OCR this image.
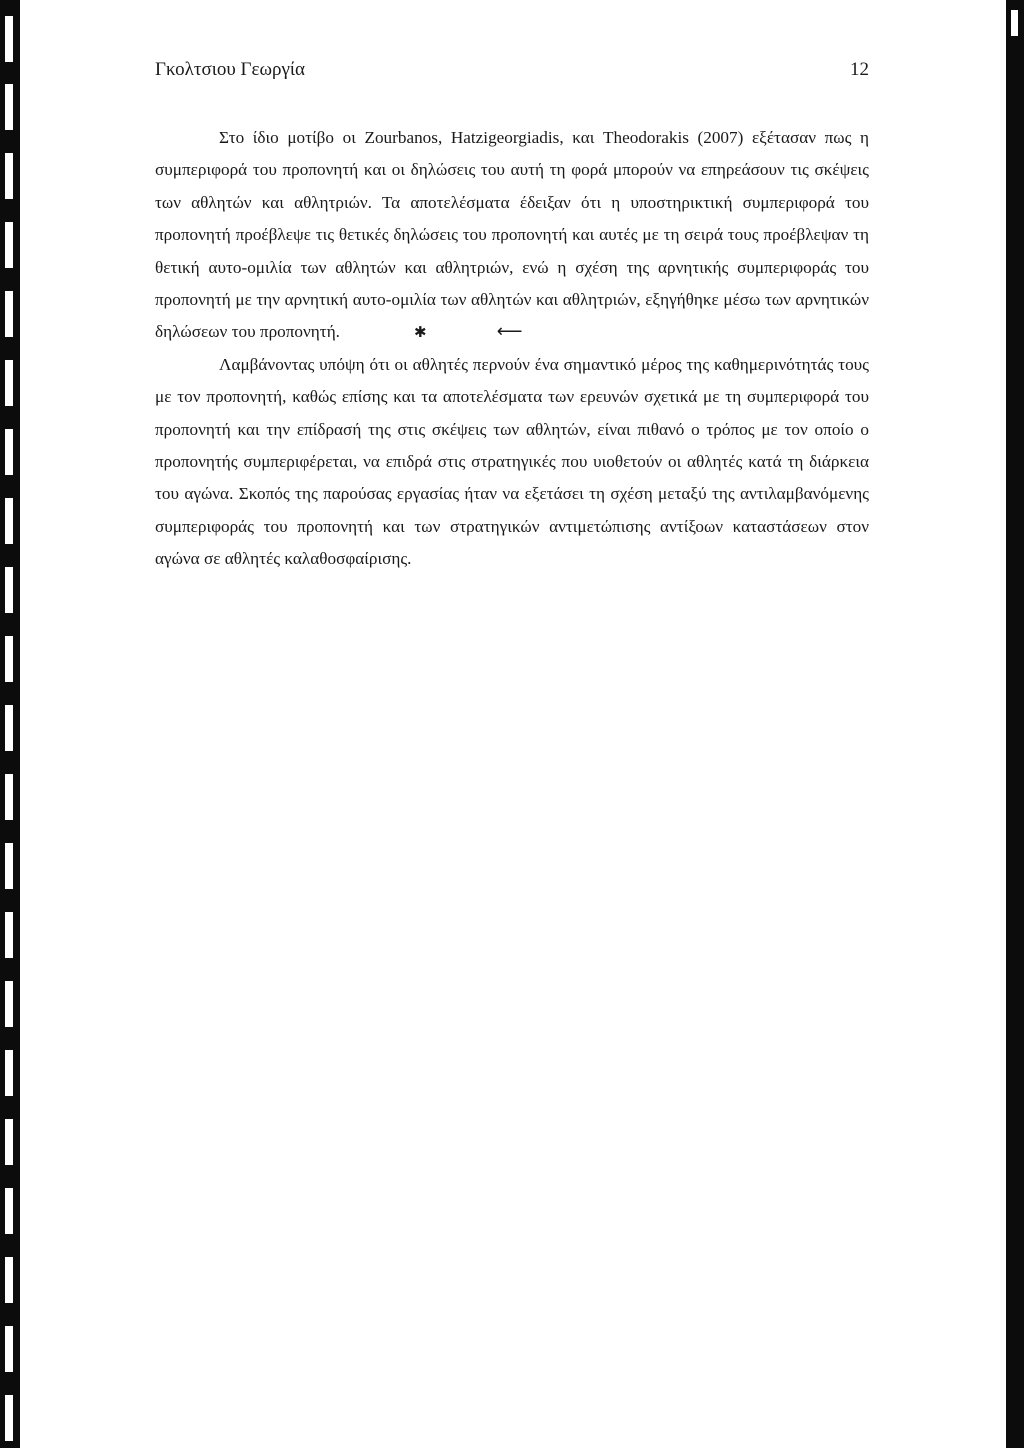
Γκολτσιου Γεωργία	12

Στο ίδιο μοτίβο οι Zourbanos, Hatzigeorgiadis, και Theodorakis (2007) εξέτασαν πως η συμπεριφορά του προπονητή και οι δηλώσεις του αυτή τη φορά μπορούν να επηρεάσουν τις σκέψεις των αθλητών και αθλητριών. Τα αποτελέσματα έδειξαν ότι η υποστηρικτική συμπεριφορά του προπονητή προέβλεψε τις θετικές δηλώσεις του προπονητή και αυτές με τη σειρά τους προέβλεψαν τη θετική αυτο-ομιλία των αθλητών και αθλητριών, ενώ η σχέση της αρνητικής συμπεριφοράς του προπονητή με την αρνητική αυτο-ομιλία των αθλητών και αθλητριών, εξηγήθηκε μέσω των αρνητικών δηλώσεων του προπονητή.	✱	⟵

Λαμβάνοντας υπόψη ότι οι αθλητές περνούν ένα σημαντικό μέρος της καθημερινότητάς τους με τον προπονητή, καθώς επίσης και τα αποτελέσματα των ερευνών σχετικά με τη συμπεριφορά του προπονητή και την επίδρασή της στις σκέψεις των αθλητών, είναι πιθανό ο τρόπος με τον οποίο ο προπονητής συμπεριφέρεται, να επιδρά στις στρατηγικές που υιοθετούν οι αθλητές κατά τη διάρκεια του αγώνα. Σκοπός της παρούσας εργασίας ήταν να εξετάσει τη σχέση μεταξύ της αντιλαμβανόμενης συμπεριφοράς του προπονητή και των στρατηγικών αντιμετώπισης αντίξοων καταστάσεων στον αγώνα σε αθλητές καλαθοσφαίρισης.
